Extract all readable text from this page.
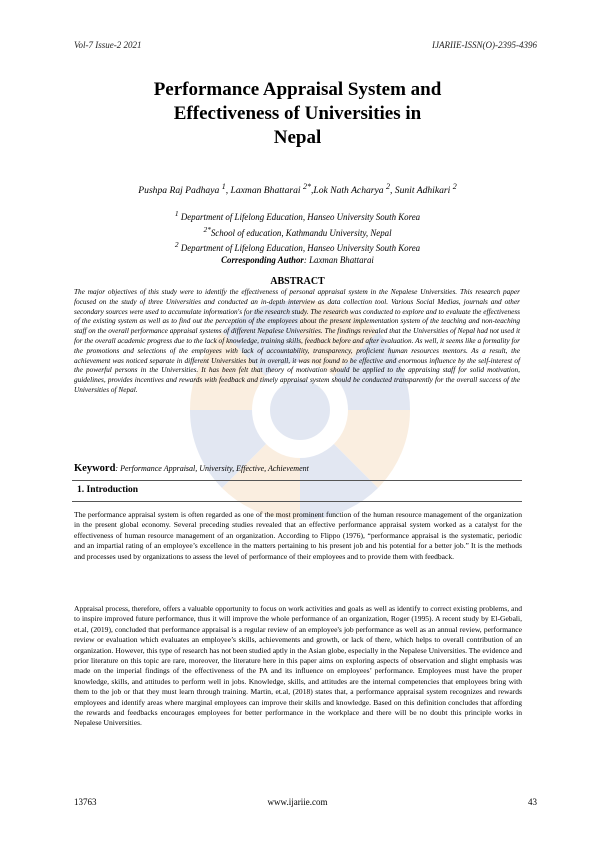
Vol-7 Issue-2 2021	IJARIIE-ISSN(O)-2395-4396
Performance Appraisal System and
Effectiveness of Universities in
Nepal
Pushpa Raj Padhaya $^1$, Laxman Bhattarai $^{2*}$,Lok Nath Acharya $^2$, Sunit Adhikari $^2$
$^1$ Department of Lifelong Education, Hanseo University South Korea
$^{2*}$School of education, Kathmandu University, Nepal
$^2$ Department of Lifelong Education, Hanseo University South Korea
Corresponding Author: Laxman Bhattarai
ABSTRACT

The major objectives of this study were to identify the effectiveness of personal appraisal system in the Nepalese Universities. This research paper focused on the study of three Universities and conducted an in-depth interview as data collection tool. Various Social Medias, journals and other secondary sources were used to accumulate information's for the research study. The research was conducted to explore and to evaluate the effectiveness of the existing system as well as to find out the perception of the employees about the present implementation system of the teaching and non-teaching staff on the overall performance appraisal systems of different Nepalese Universities. The findings revealed that the Universities of Nepal had not used it for the overall academic progress due to the lack of knowledge, training skills, feedback before and after evaluation. As well, it seems like a formality for the promotions and selections of the employees with lack of accountability, transparency, proficient human resources mentors. As a result, the achievement was noticed separate in different Universities but in overall, it was not found to be effective and enormous influence by the self-interest of the powerful persons in the Universities. It has been felt that theory of motivation should be applied to the appraising staff for solid motivation, guidelines, provides incentives and rewards with feedback and timely appraisal system should be conducted transparently for the overall success of the Universities of Nepal.

Keyword: Performance Appraisal, University, Effective, Achievement
1. Introduction

The performance appraisal system is often regarded as one of the most prominent function of the human resource management of the organization in the present global economy. Several preceding studies revealed that an effective performance appraisal system worked as a catalyst for the effectiveness of human resource management of an organization. According to Flippo (1976), “performance appraisal is the systematic, periodic and an impartial rating of an employee’s excellence in the matters pertaining to his present job and his potential for a better job.” It is the methods and processes used by organizations to assess the level of performance of their employees and to provide them with feedback.

Appraisal process, therefore, offers a valuable opportunity to focus on work activities and goals as well as identify to correct existing problems, and to inspire improved future performance, thus it will improve the whole performance of an organization, Roger (1995). A recent study by El-Gebali, et.al, (2019), concluded that performance appraisal is a regular review of an employee's job performance as well as an annual review, performance review or evaluation which evaluates an employee’s skills, achievements and growth, or lack of there, which helps to overall contribution of an organization. However, this type of research has not been studied aptly in the Asian globe, especially in the Nepalese Universities. The evidence and prior literature on this topic are rare, moreover, the literature here in this paper aims on exploring aspects of observation and slight emphasis was made on the imperial findings of the effectiveness of the PA and its influence on employees’ performance. Employees must have the proper knowledge, skills, and attitudes to perform well in jobs. Knowledge, skills, and attitudes are the internal competencies that employees bring with them to the job or that they must learn through training. Martin, et.al, (2018) states that, a performance appraisal system recognizes and rewards employees and identify areas where marginal employees can improve their skills and knowledge. Based on this definition concludes that affording the rewards and feedbacks encourages employees for better performance in the workplace and there will be no doubt this principle works in Nepalese Universities.

13763	www.ijariie.com	43
